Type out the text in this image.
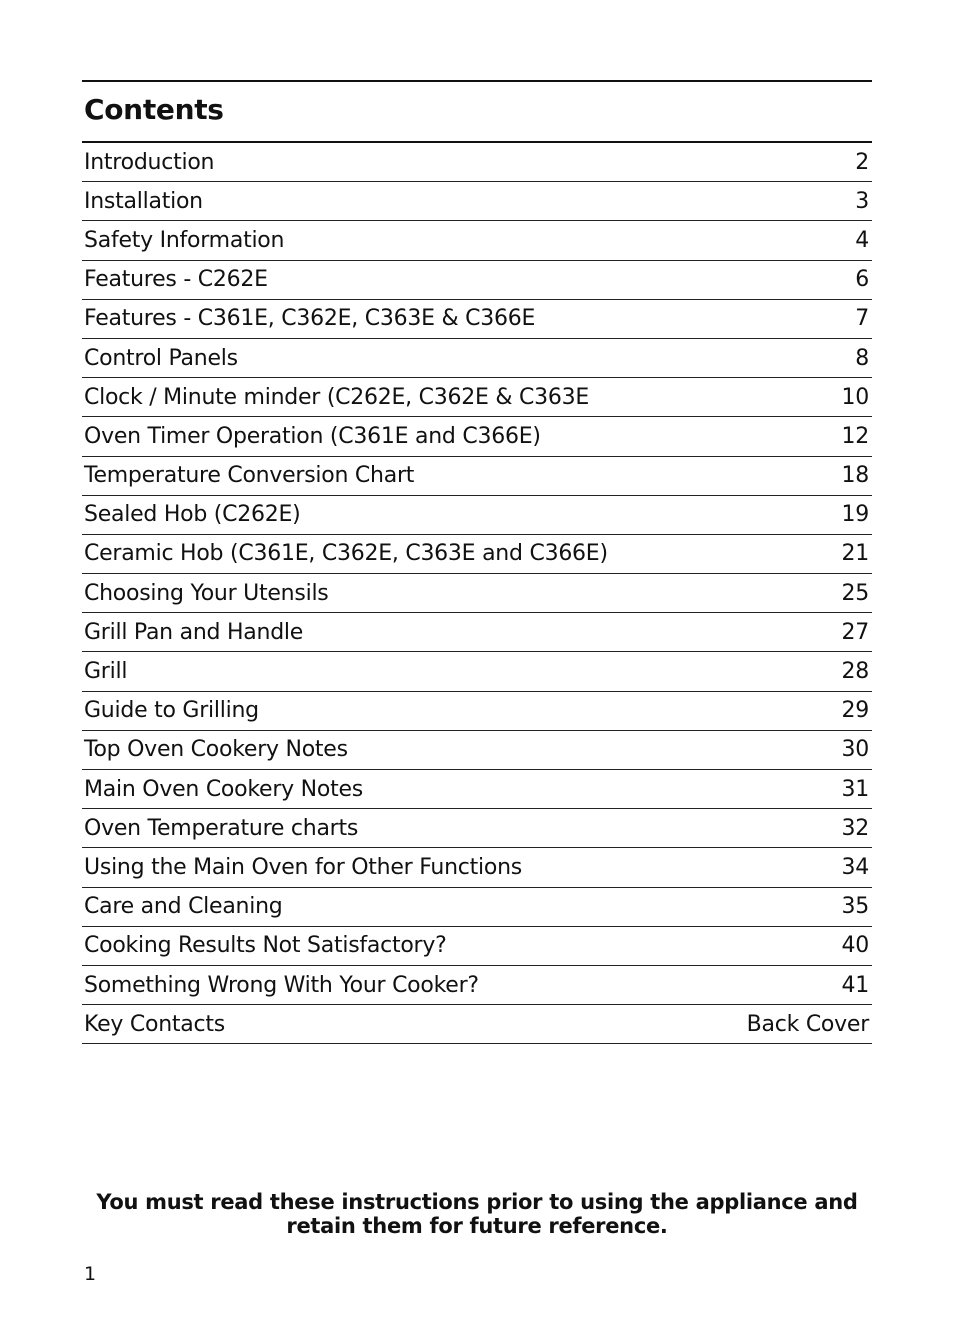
Contents
Introduction	2
Installation	3
Safety Information	4
Features - C262E	6
Features - C361E, C362E, C363E & C366E	7
Control Panels	8
Clock / Minute minder (C262E, C362E & C363E	10
Oven Timer Operation (C361E and C366E)	12
Temperature Conversion Chart	18
Sealed Hob (C262E)	19
Ceramic Hob (C361E, C362E, C363E and C366E)	21
Choosing Your Utensils	25
Grill Pan and Handle	27
Grill	28
Guide to Grilling	29
Top Oven Cookery Notes	30
Main Oven Cookery Notes	31
Oven Temperature charts	32
Using the Main Oven for Other Functions	34
Care and Cleaning	35
Cooking Results Not Satisfactory?	40
Something Wrong With Your Cooker?	41
Key Contacts	Back Cover
You must read these instructions prior to using the appliance and retain them for future reference.
1
